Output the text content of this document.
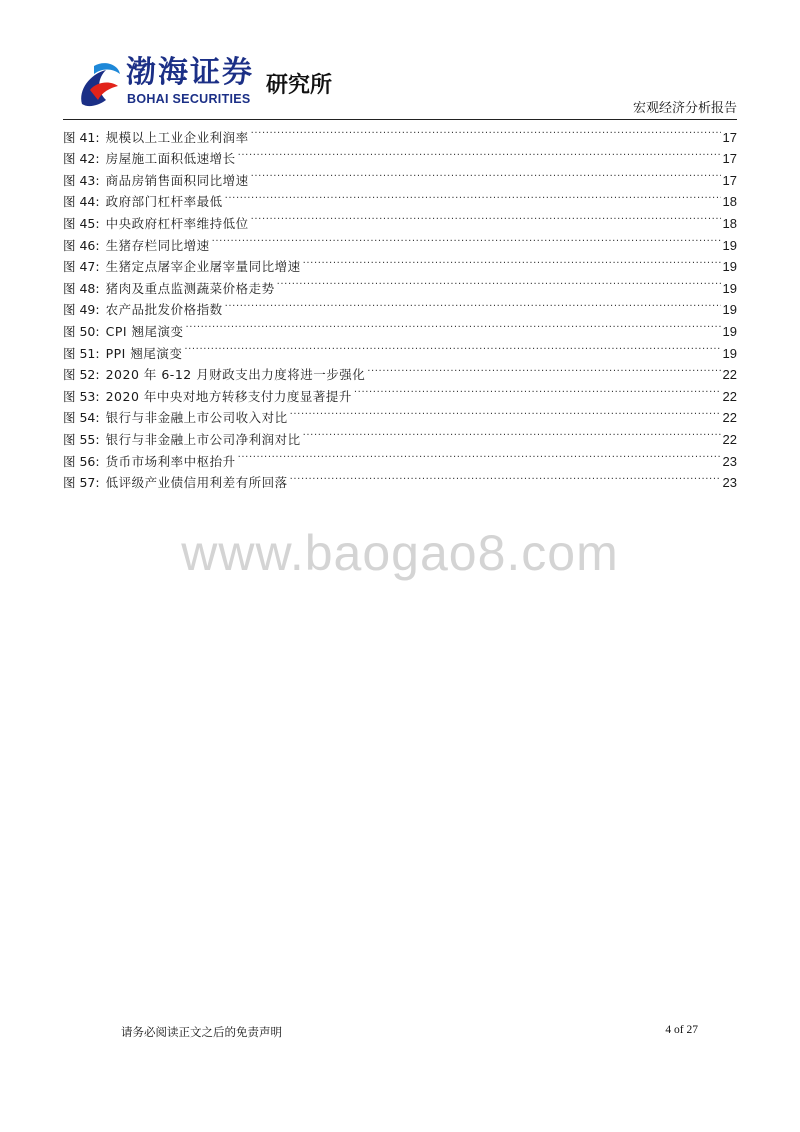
渤海证券
BOHAI SECURITIES
研究所
宏观经济分析报告
图 41: 规模以上工业企业利润率 .....	17
图 42: 房屋施工面积低速增长 .....	17
图 43: 商品房销售面积同比增速 .....	17
图 44: 政府部门杠杆率最低 .....	18
图 45: 中央政府杠杆率维持低位 .....	18
图 46: 生猪存栏同比增速 .....	19
图 47: 生猪定点屠宰企业屠宰量同比增速 .....	19
图 48: 猪肉及重点监测蔬菜价格走势 .....	19
图 49: 农产品批发价格指数 .....	19
图 50: CPI 翘尾演变 .....	19
图 51: PPI 翘尾演变 .....	19
图 52: 2020 年 6-12 月财政支出力度将进一步强化 .....	22
图 53: 2020 年中央对地方转移支付力度显著提升 .....	22
图 54: 银行与非金融上市公司收入对比 .....	22
图 55: 银行与非金融上市公司净利润对比 .....	22
图 56: 货币市场利率中枢抬升 .....	23
图 57: 低评级产业债信用利差有所回落 .....	23
www.baogao8.com
请务必阅读正文之后的免责声明	4 of 27
